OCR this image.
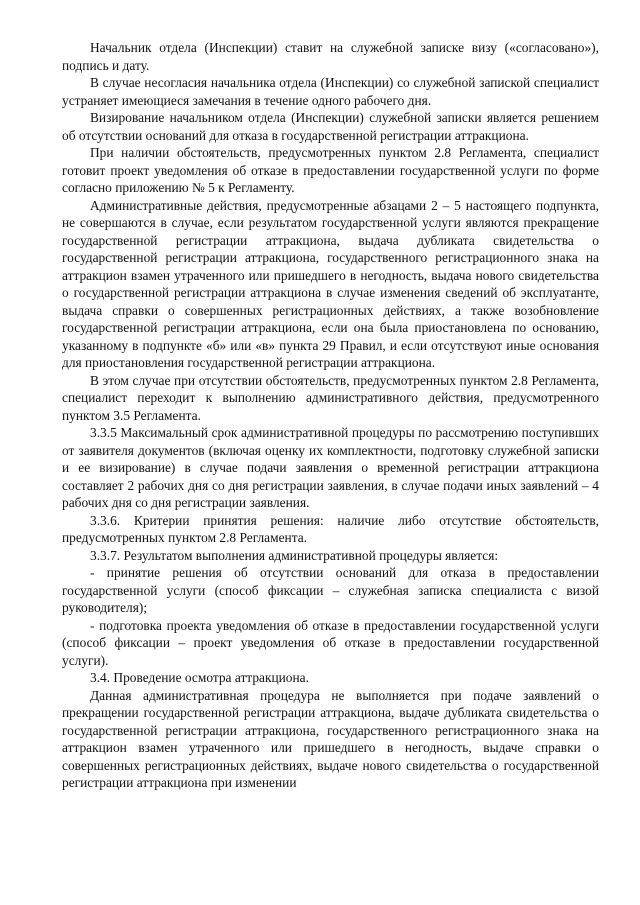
Начальник отдела (Инспекции) ставит на служебной записке визу («согласовано»), подпись и дату.

В случае несогласия начальника отдела (Инспекции) со служебной запиской специалист устраняет имеющиеся замечания в течение одного рабочего дня.

Визирование начальником отдела (Инспекции) служебной записки является решением об отсутствии оснований для отказа в государственной регистрации аттракциона.

При наличии обстоятельств, предусмотренных пунктом 2.8 Регламента, специалист готовит проект уведомления об отказе в предоставлении государственной услуги по форме согласно приложению № 5 к Регламенту.

Административные действия, предусмотренные абзацами 2 – 5 настоящего подпункта, не совершаются в случае, если результатом государственной услуги являются прекращение государственной регистрации аттракциона, выдача дубликата свидетельства о государственной регистрации аттракциона, государственного регистрационного знака на аттракцион взамен утраченного или пришедшего в негодность, выдача нового свидетельства о государственной регистрации аттракциона в случае изменения сведений об эксплуатанте, выдача справки о совершенных регистрационных действиях, а также возобновление государственной регистрации аттракциона, если она была приостановлена по основанию, указанному в подпункте «б» или «в» пункта 29 Правил, и если отсутствуют иные основания для приостановления государственной регистрации аттракциона.

В этом случае при отсутствии обстоятельств, предусмотренных пунктом 2.8 Регламента, специалист переходит к выполнению административного действия, предусмотренного пунктом 3.5 Регламента.

3.3.5 Максимальный срок административной процедуры по рассмотрению поступивших от заявителя документов (включая оценку их комплектности, подготовку служебной записки и ее визирование) в случае подачи заявления о временной регистрации аттракциона составляет 2 рабочих дня со дня регистрации заявления, в случае подачи иных заявлений – 4 рабочих дня со дня регистрации заявления.

3.3.6. Критерии принятия решения: наличие либо отсутствие обстоятельств, предусмотренных пунктом 2.8 Регламента.

3.3.7. Результатом выполнения административной процедуры является:

- принятие решения об отсутствии оснований для отказа в предоставлении государственной услуги (способ фиксации – служебная записка специалиста с визой руководителя);

- подготовка проекта уведомления об отказе в предоставлении государственной услуги (способ фиксации – проект уведомления об отказе в предоставлении государственной услуги).

3.4. Проведение осмотра аттракциона.

Данная административная процедура не выполняется при подаче заявлений о прекращении государственной регистрации аттракциона, выдаче дубликата свидетельства о государственной регистрации аттракциона, государственного регистрационного знака на аттракцион взамен утраченного или пришедшего в негодность, выдаче справки о совершенных регистрационных действиях, выдаче нового свидетельства о государственной регистрации аттракциона при изменении
